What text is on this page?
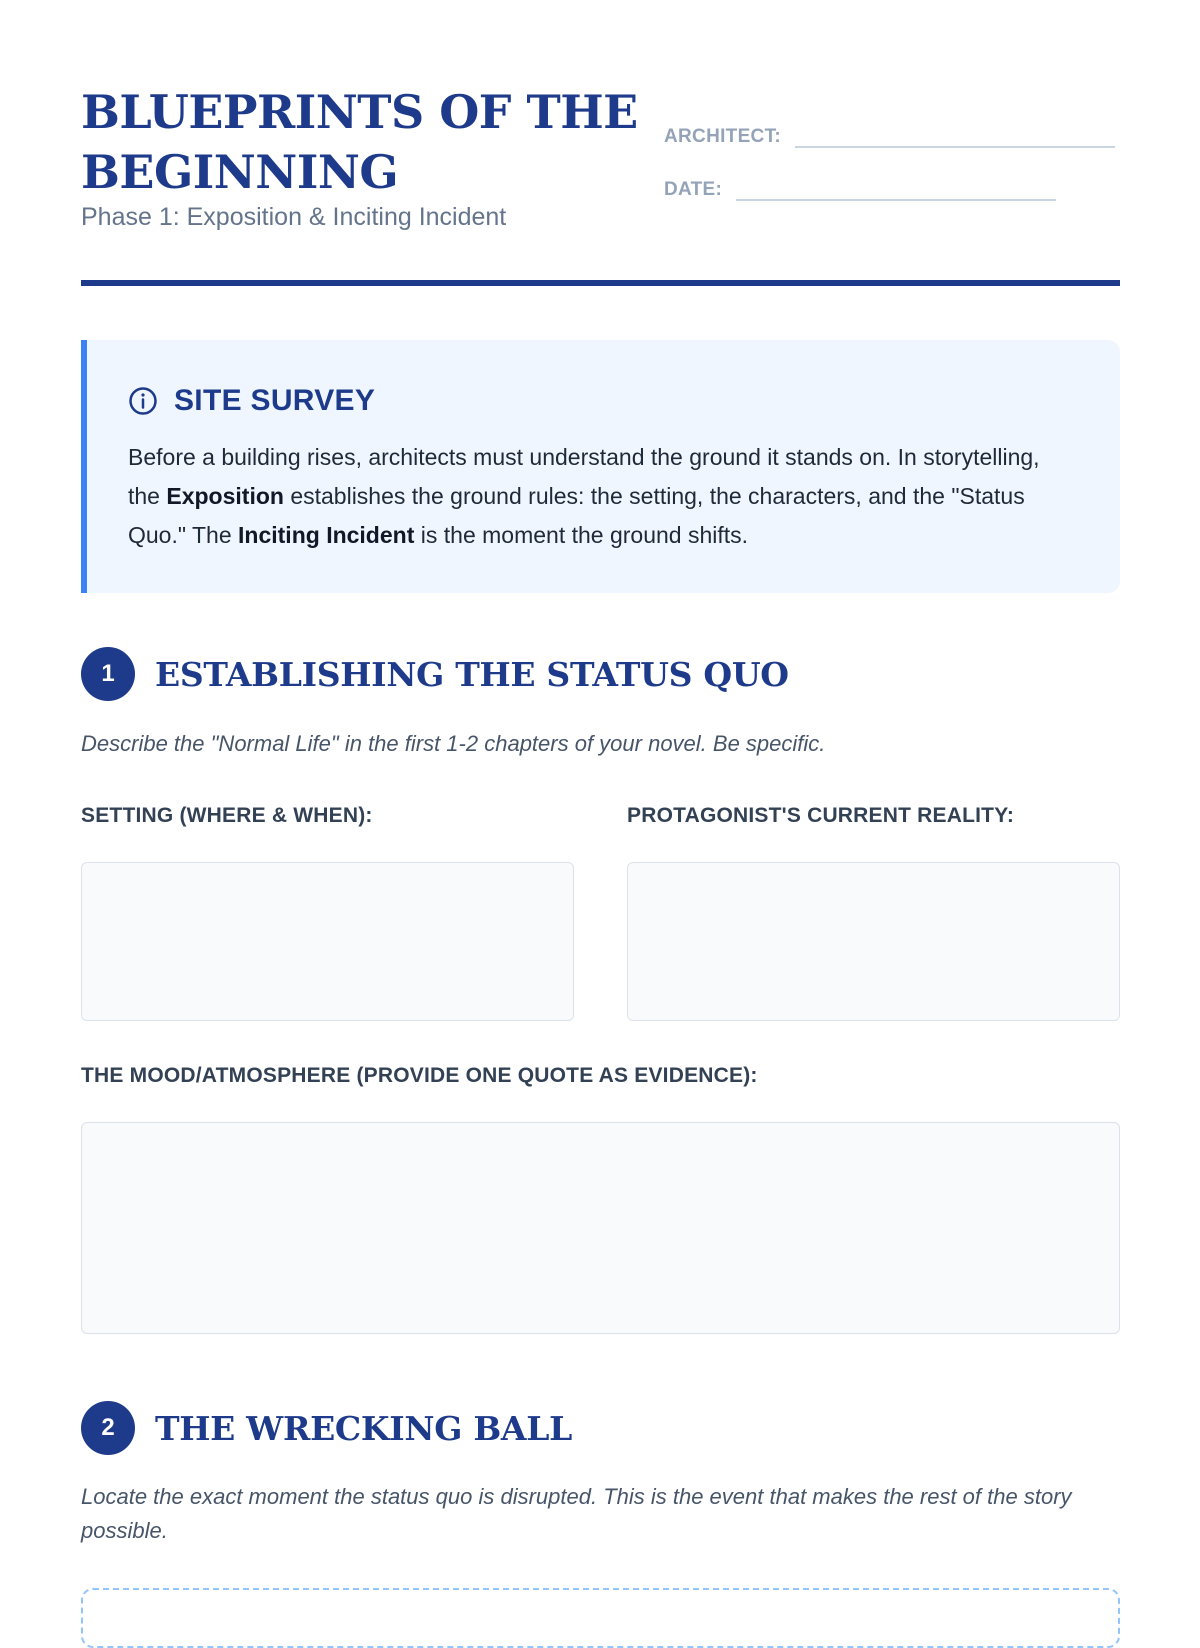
BLUEPRINTS OF THE BEGINNING

Phase 1: Exposition & Inciting Incident

ARCHITECT:
DATE:
SITE SURVEY

Before a building rises, architects must understand the ground it stands on. In storytelling, the Exposition establishes the ground rules: the setting, the characters, and the "Status Quo." The Inciting Incident is the moment the ground shifts.

1	ESTABLISHING THE STATUS QUO

Describe the "Normal Life" in the first 1-2 chapters of your novel. Be specific.

SETTING (WHERE & WHEN):	PROTAGONIST'S CURRENT REALITY:
THE MOOD/ATMOSPHERE (PROVIDE ONE QUOTE AS EVIDENCE):
2	THE WRECKING BALL

Locate the exact moment the status quo is disrupted. This is the event that makes the rest of the story possible.
